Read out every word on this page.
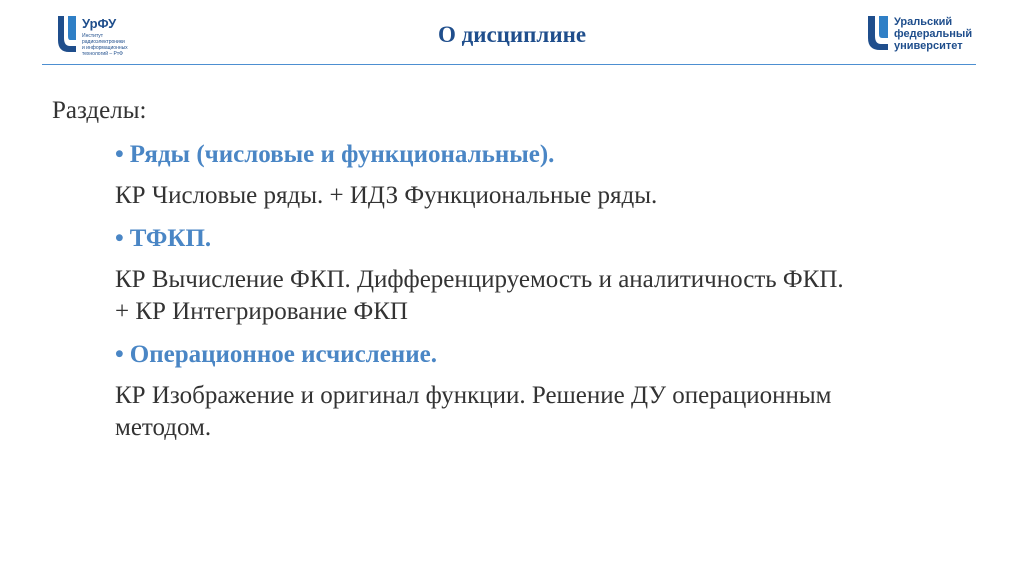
УрФУ
Институт
радиоэлектроники
и информационных
технологий – РтФ
О дисциплине	Уральский
федеральный
университет
Разделы:
• Ряды (числовые и функциональные).
КР Числовые ряды. + ИДЗ Функциональные ряды.
• ТФКП.
КР Вычисление ФКП. Дифференцируемость и аналитичность ФКП.
+ КР Интегрирование ФКП
• Операционное исчисление.
КР Изображение и оригинал функции. Решение ДУ операционным
методом.
